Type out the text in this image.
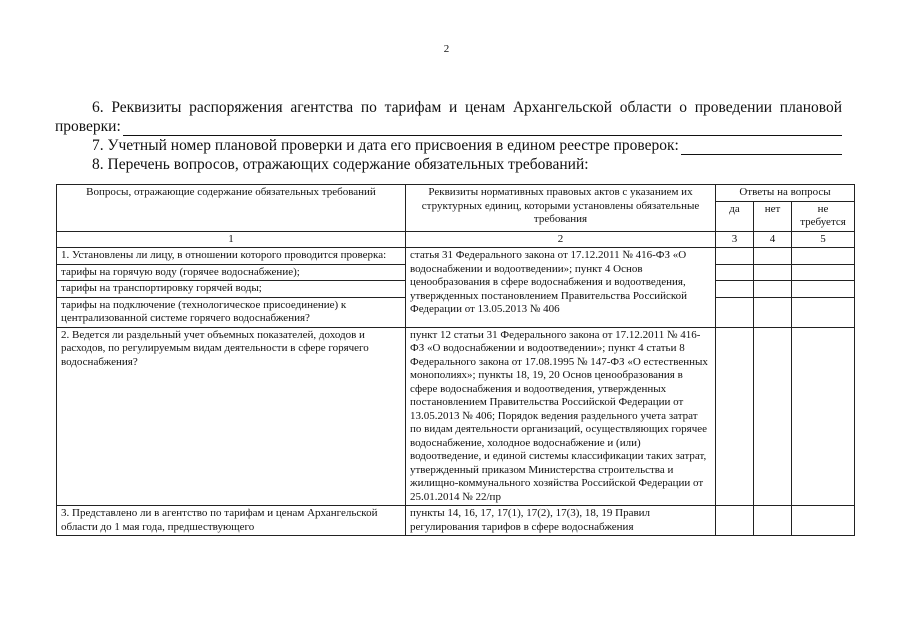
2
6. Реквизиты распоряжения агентства по тарифам и ценам Архангельской области о проведении плановой
проверки:
7. Учетный номер плановой проверки и дата его присвоения в едином реестре проверок:
8. Перечень вопросов, отражающих содержание обязательных требований:
Вопросы, отражающие содержание обязательных требований	Реквизиты нормативных правовых актов с указанием их структурных единиц, которыми установлены обязательные требования	Ответы на вопросы		
		да	нет	не требуется
1	2	3	4	5
1. Установлены ли лицу, в отношении которого проводится проверка:	статья 31 Федерального закона от 17.12.2011 № 416-ФЗ «О водоснабжении и водоотведении»; пункт 4 Основ ценообразования в сфере водоснабжения и водоотведения, утвержденных постановлением Правительства Российской Федерации от 13.05.2013 № 406			
тарифы на горячую воду (горячее водоснабжение);				
тарифы на транспортировку горячей воды;				
тарифы на подключение (технологическое присоединение) к централизованной системе горячего водоснабжения?				
2. Ведется ли раздельный учет объемных показателей, доходов и расходов, по регулируемым видам деятельности в сфере горячего водоснабжения?	пункт 12 статьи 31 Федерального закона от 17.12.2011 № 416-ФЗ «О водоснабжении и водоотведении»; пункт 4 статьи 8 Федерального закона от 17.08.1995 № 147-ФЗ «О естественных монополиях»; пункты 18, 19, 20 Основ ценообразования в сфере водоснабжения и водоотведения, утвержденных постановлением Правительства Российской Федерации от 13.05.2013 № 406; Порядок ведения раздельного учета затрат по видам деятельности организаций, осуществляющих горячее водоснабжение, холодное водоснабжение и (или) водоотведение, и единой системы классификации таких затрат, утвержденный приказом Министерства строительства и жилищно-коммунального хозяйства Российской Федерации от 25.01.2014 № 22/пр			
3. Представлено ли в агентство по тарифам и ценам Архангельской области до 1 мая года, предшествующего	пункты 14, 16, 17, 17(1), 17(2), 17(3), 18, 19 Правил регулирования тарифов в сфере водоснабжения			
